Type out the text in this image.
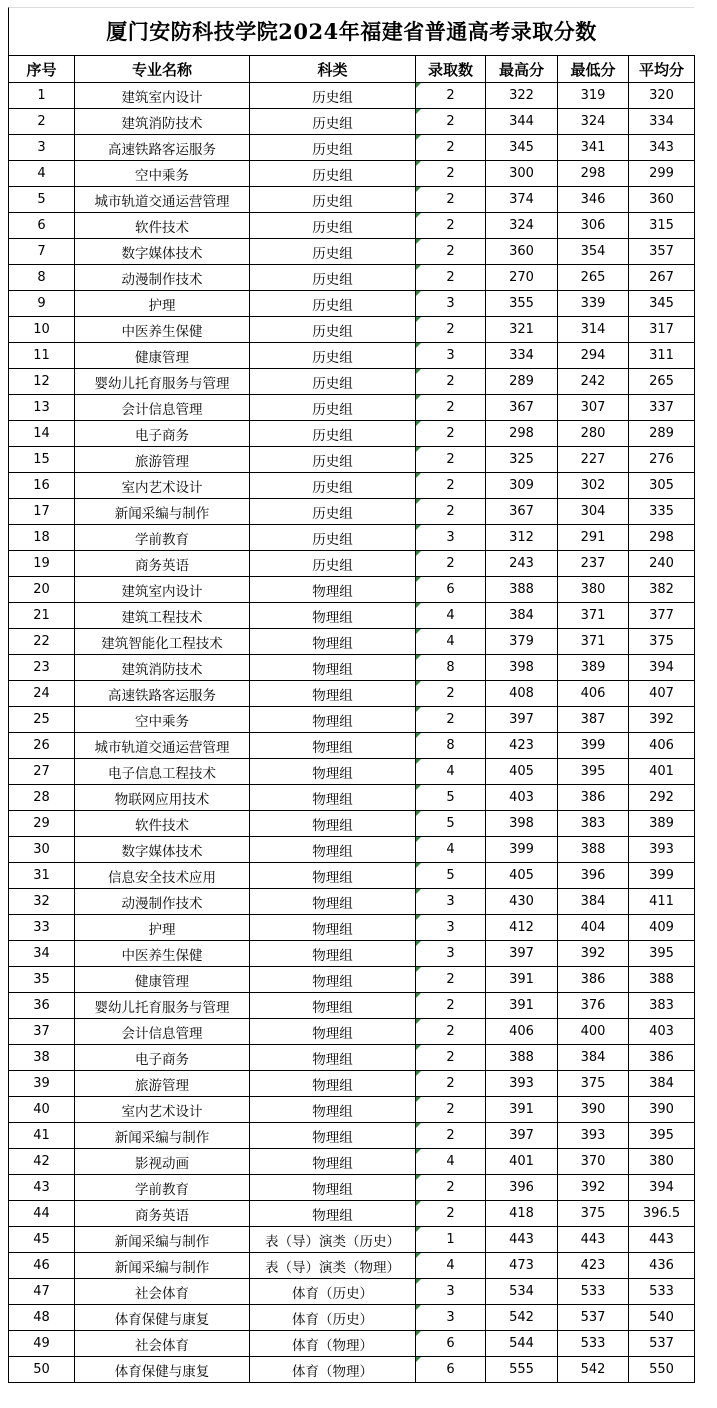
厦门安防科技学院2024年福建省普通高考录取分数
序号	专业名称	科类	录取数	最高分	最低分	平均分
1	建筑室内设计	历史组	2	322	319	320
2	建筑消防技术	历史组	2	344	324	334
3	高速铁路客运服务	历史组	2	345	341	343
4	空中乘务	历史组	2	300	298	299
5	城市轨道交通运营管理	历史组	2	374	346	360
6	软件技术	历史组	2	324	306	315
7	数字媒体技术	历史组	2	360	354	357
8	动漫制作技术	历史组	2	270	265	267
9	护理	历史组	3	355	339	345
10	中医养生保健	历史组	2	321	314	317
11	健康管理	历史组	3	334	294	311
12	婴幼儿托育服务与管理	历史组	2	289	242	265
13	会计信息管理	历史组	2	367	307	337
14	电子商务	历史组	2	298	280	289
15	旅游管理	历史组	2	325	227	276
16	室内艺术设计	历史组	2	309	302	305
17	新闻采编与制作	历史组	2	367	304	335
18	学前教育	历史组	3	312	291	298
19	商务英语	历史组	2	243	237	240
20	建筑室内设计	物理组	6	388	380	382
21	建筑工程技术	物理组	4	384	371	377
22	建筑智能化工程技术	物理组	4	379	371	375
23	建筑消防技术	物理组	8	398	389	394
24	高速铁路客运服务	物理组	2	408	406	407
25	空中乘务	物理组	2	397	387	392
26	城市轨道交通运营管理	物理组	8	423	399	406
27	电子信息工程技术	物理组	4	405	395	401
28	物联网应用技术	物理组	5	403	386	292
29	软件技术	物理组	5	398	383	389
30	数字媒体技术	物理组	4	399	388	393
31	信息安全技术应用	物理组	5	405	396	399
32	动漫制作技术	物理组	3	430	384	411
33	护理	物理组	3	412	404	409
34	中医养生保健	物理组	3	397	392	395
35	健康管理	物理组	2	391	386	388
36	婴幼儿托育服务与管理	物理组	2	391	376	383
37	会计信息管理	物理组	2	406	400	403
38	电子商务	物理组	2	388	384	386
39	旅游管理	物理组	2	393	375	384
40	室内艺术设计	物理组	2	391	390	390
41	新闻采编与制作	物理组	2	397	393	395
42	影视动画	物理组	4	401	370	380
43	学前教育	物理组	2	396	392	394
44	商务英语	物理组	2	418	375	396.5
45	新闻采编与制作	表（导）演类（历史）	1	443	443	443
46	新闻采编与制作	表（导）演类（物理）	4	473	423	436
47	社会体育	体育（历史）	3	534	533	533
48	体育保健与康复	体育（历史）	3	542	537	540
49	社会体育	体育（物理）	6	544	533	537
50	体育保健与康复	体育（物理）	6	555	542	550
